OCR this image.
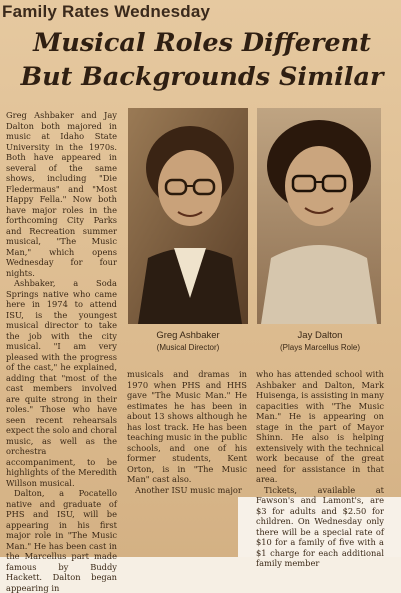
Family Rates Wednesday
Musical Roles Different
But Backgrounds Similar

Greg Ashbaker and Jay Dalton both majored in music at Idaho State University in the 1970s. Both have appeared in several of the same shows, including "Die Fledermaus" and "Most Happy Fella." Now both have major roles in the forthcoming City Parks and Recreation summer musical, "The Music Man," which opens Wednesday for four nights.

Ashbaker, a Soda Springs native who came here in 1974 to attend ISU, is the youngest musical director to take the job with the city musical. "I am very pleased with the progress of the cast," he explained, adding that "most of the cast members involved are quite strong in their roles." Those who have seen recent rehearsals expect the solo and choral music, as well as the orchestra accompaniment, to be highlights of the Meredith Willson musical.

Dalton, a Pocatello native and graduate of PHS and ISU, will be appearing in his first major role in "The Music Man." He has been cast in the Marcellus part made famous by Buddy Hackett. Dalton began appearing in

Greg Ashbaker
(Musical Director)
Jay Dalton
(Plays Marcellus Role)

musicals and dramas in 1970 when PHS and HHS gave "The Music Man." He estimates he has been in about 13 shows although he has lost track. He has been teaching music in the public schools, and one of his former students, Kent Orton, is in "The Music Man" cast also.

Another ISU music major

who has attended school with Ashbaker and Dalton, Mark Huisenga, is assisting in many capacities with "The Music Man." He is appearing on stage in the part of Mayor Shinn. He also is helping extensively with the technical work because of the great need for assistance in that area.

Tickets, available at Fawson's and Lamont's, are $3 for adults and $2.50 for children. On Wednesday only there will be a special rate of $10 for a family of five with a $1 charge for each additional family member
